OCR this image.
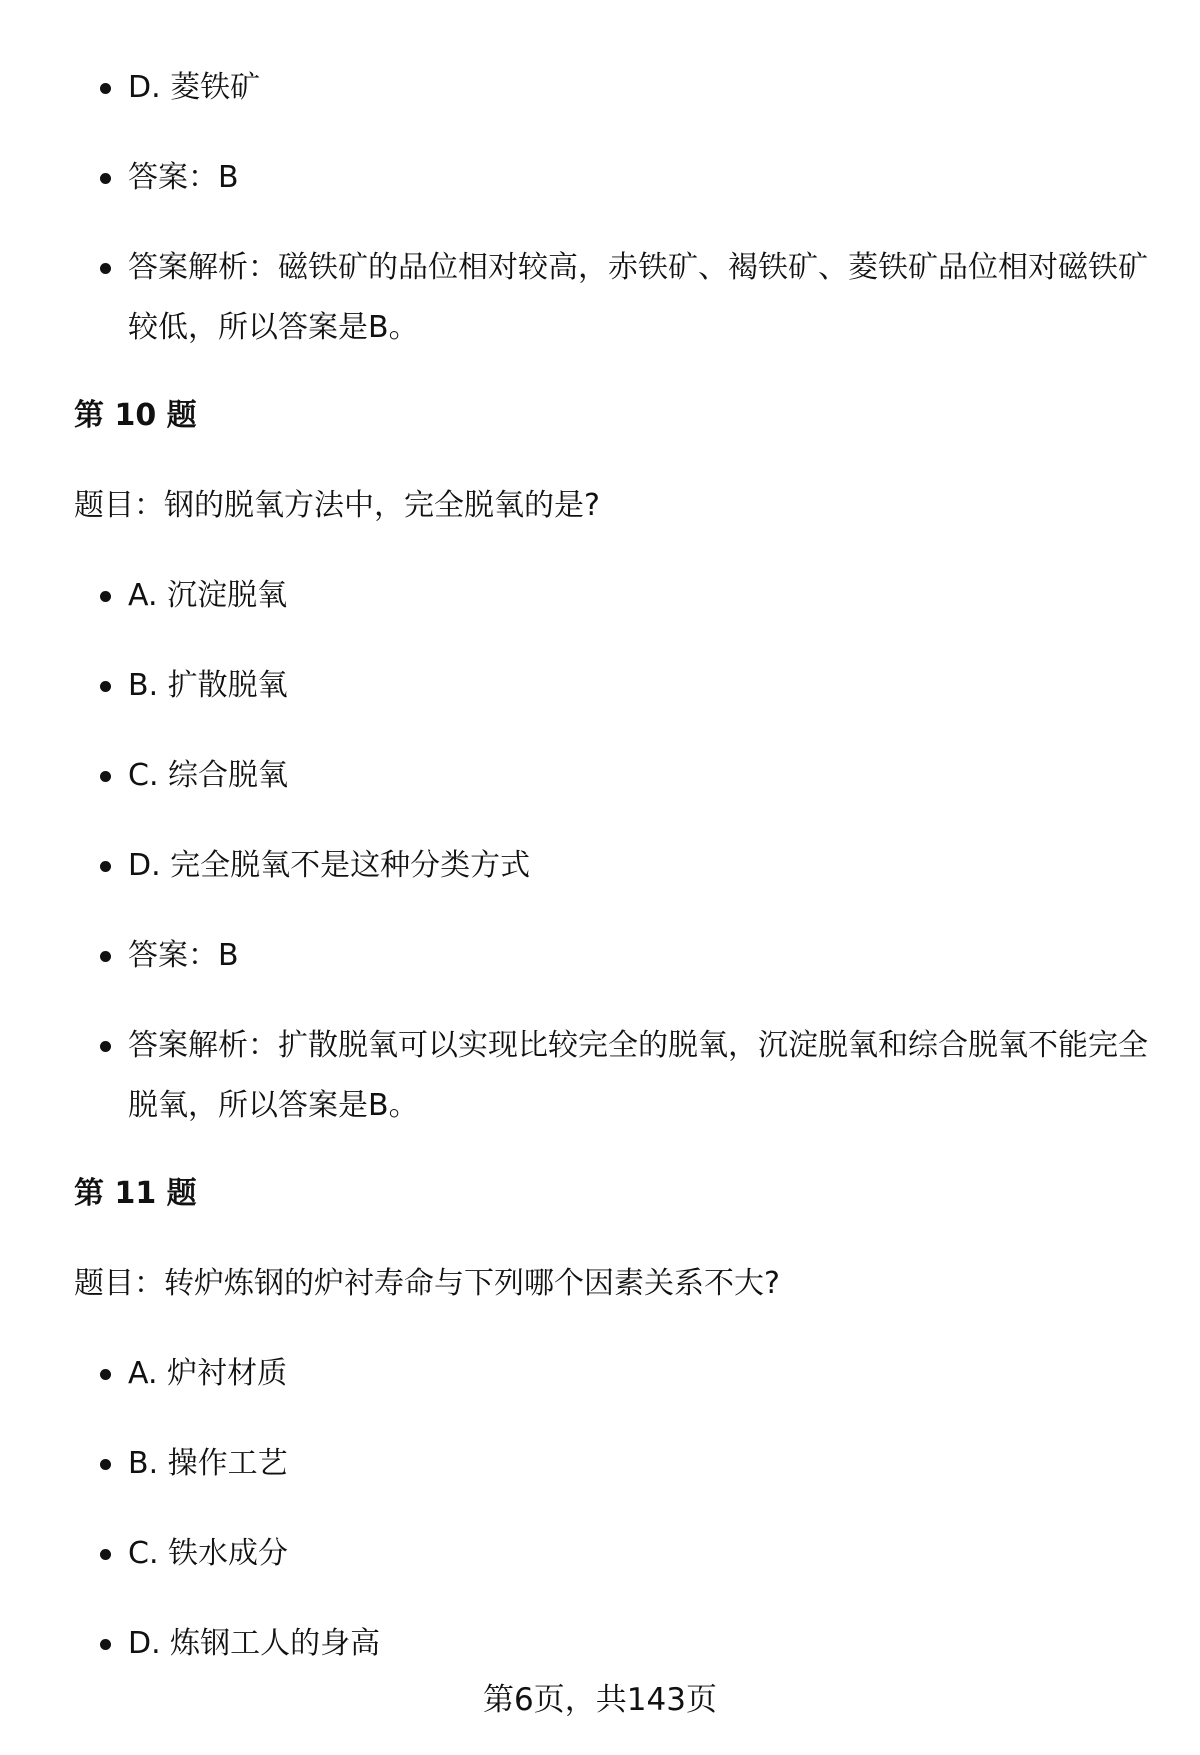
D. 菱铁矿
答案：B
答案解析：磁铁矿的品位相对较高，赤铁矿、褐铁矿、菱铁矿品位相对磁铁矿较低，所以答案是B。
第 10 题
题目：钢的脱氧方法中，完全脱氧的是?
A. 沉淀脱氧
B. 扩散脱氧
C. 综合脱氧
D. 完全脱氧不是这种分类方式
答案：B
答案解析：扩散脱氧可以实现比较完全的脱氧，沉淀脱氧和综合脱氧不能完全脱氧，所以答案是B。
第 11 题
题目：转炉炼钢的炉衬寿命与下列哪个因素关系不大?
A. 炉衬材质
B. 操作工艺
C. 铁水成分
D. 炼钢工人的身高
第6页，共143页
